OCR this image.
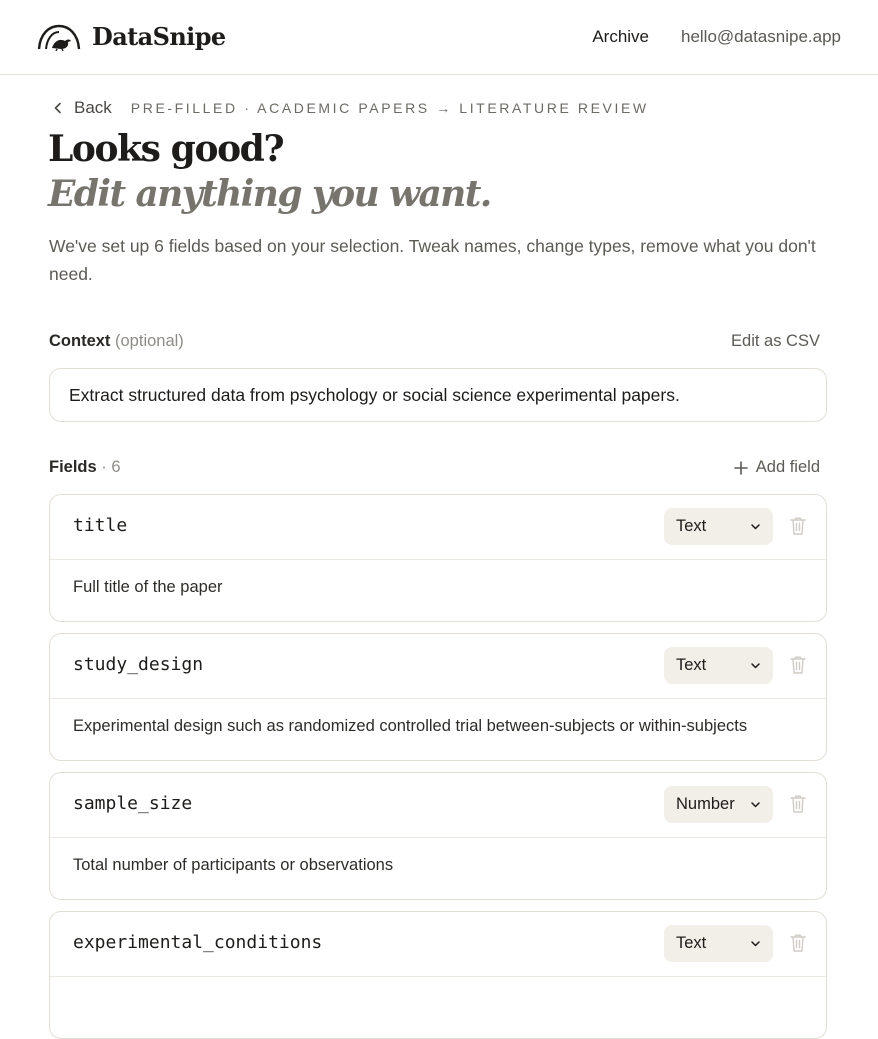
DataSnipe	Archive hello@datasnipe.app
Back PRE-FILLED · ACADEMIC PAPERS → LITERATURE REVIEW
Looks good?
Edit anything you want.

We've set up 6 fields based on your selection. Tweak names, change types, remove what you don't need.

Context (optional)	Edit as CSV
Extract structured data from psychology or social science experimental papers.
Fields · 6	Add field
title	Text
Full title of the paper
study_design	Text
Experimental design such as randomized controlled trial between-subjects or within-subjects
sample_size	Number
Total number of participants or observations
experimental_conditions	Text
